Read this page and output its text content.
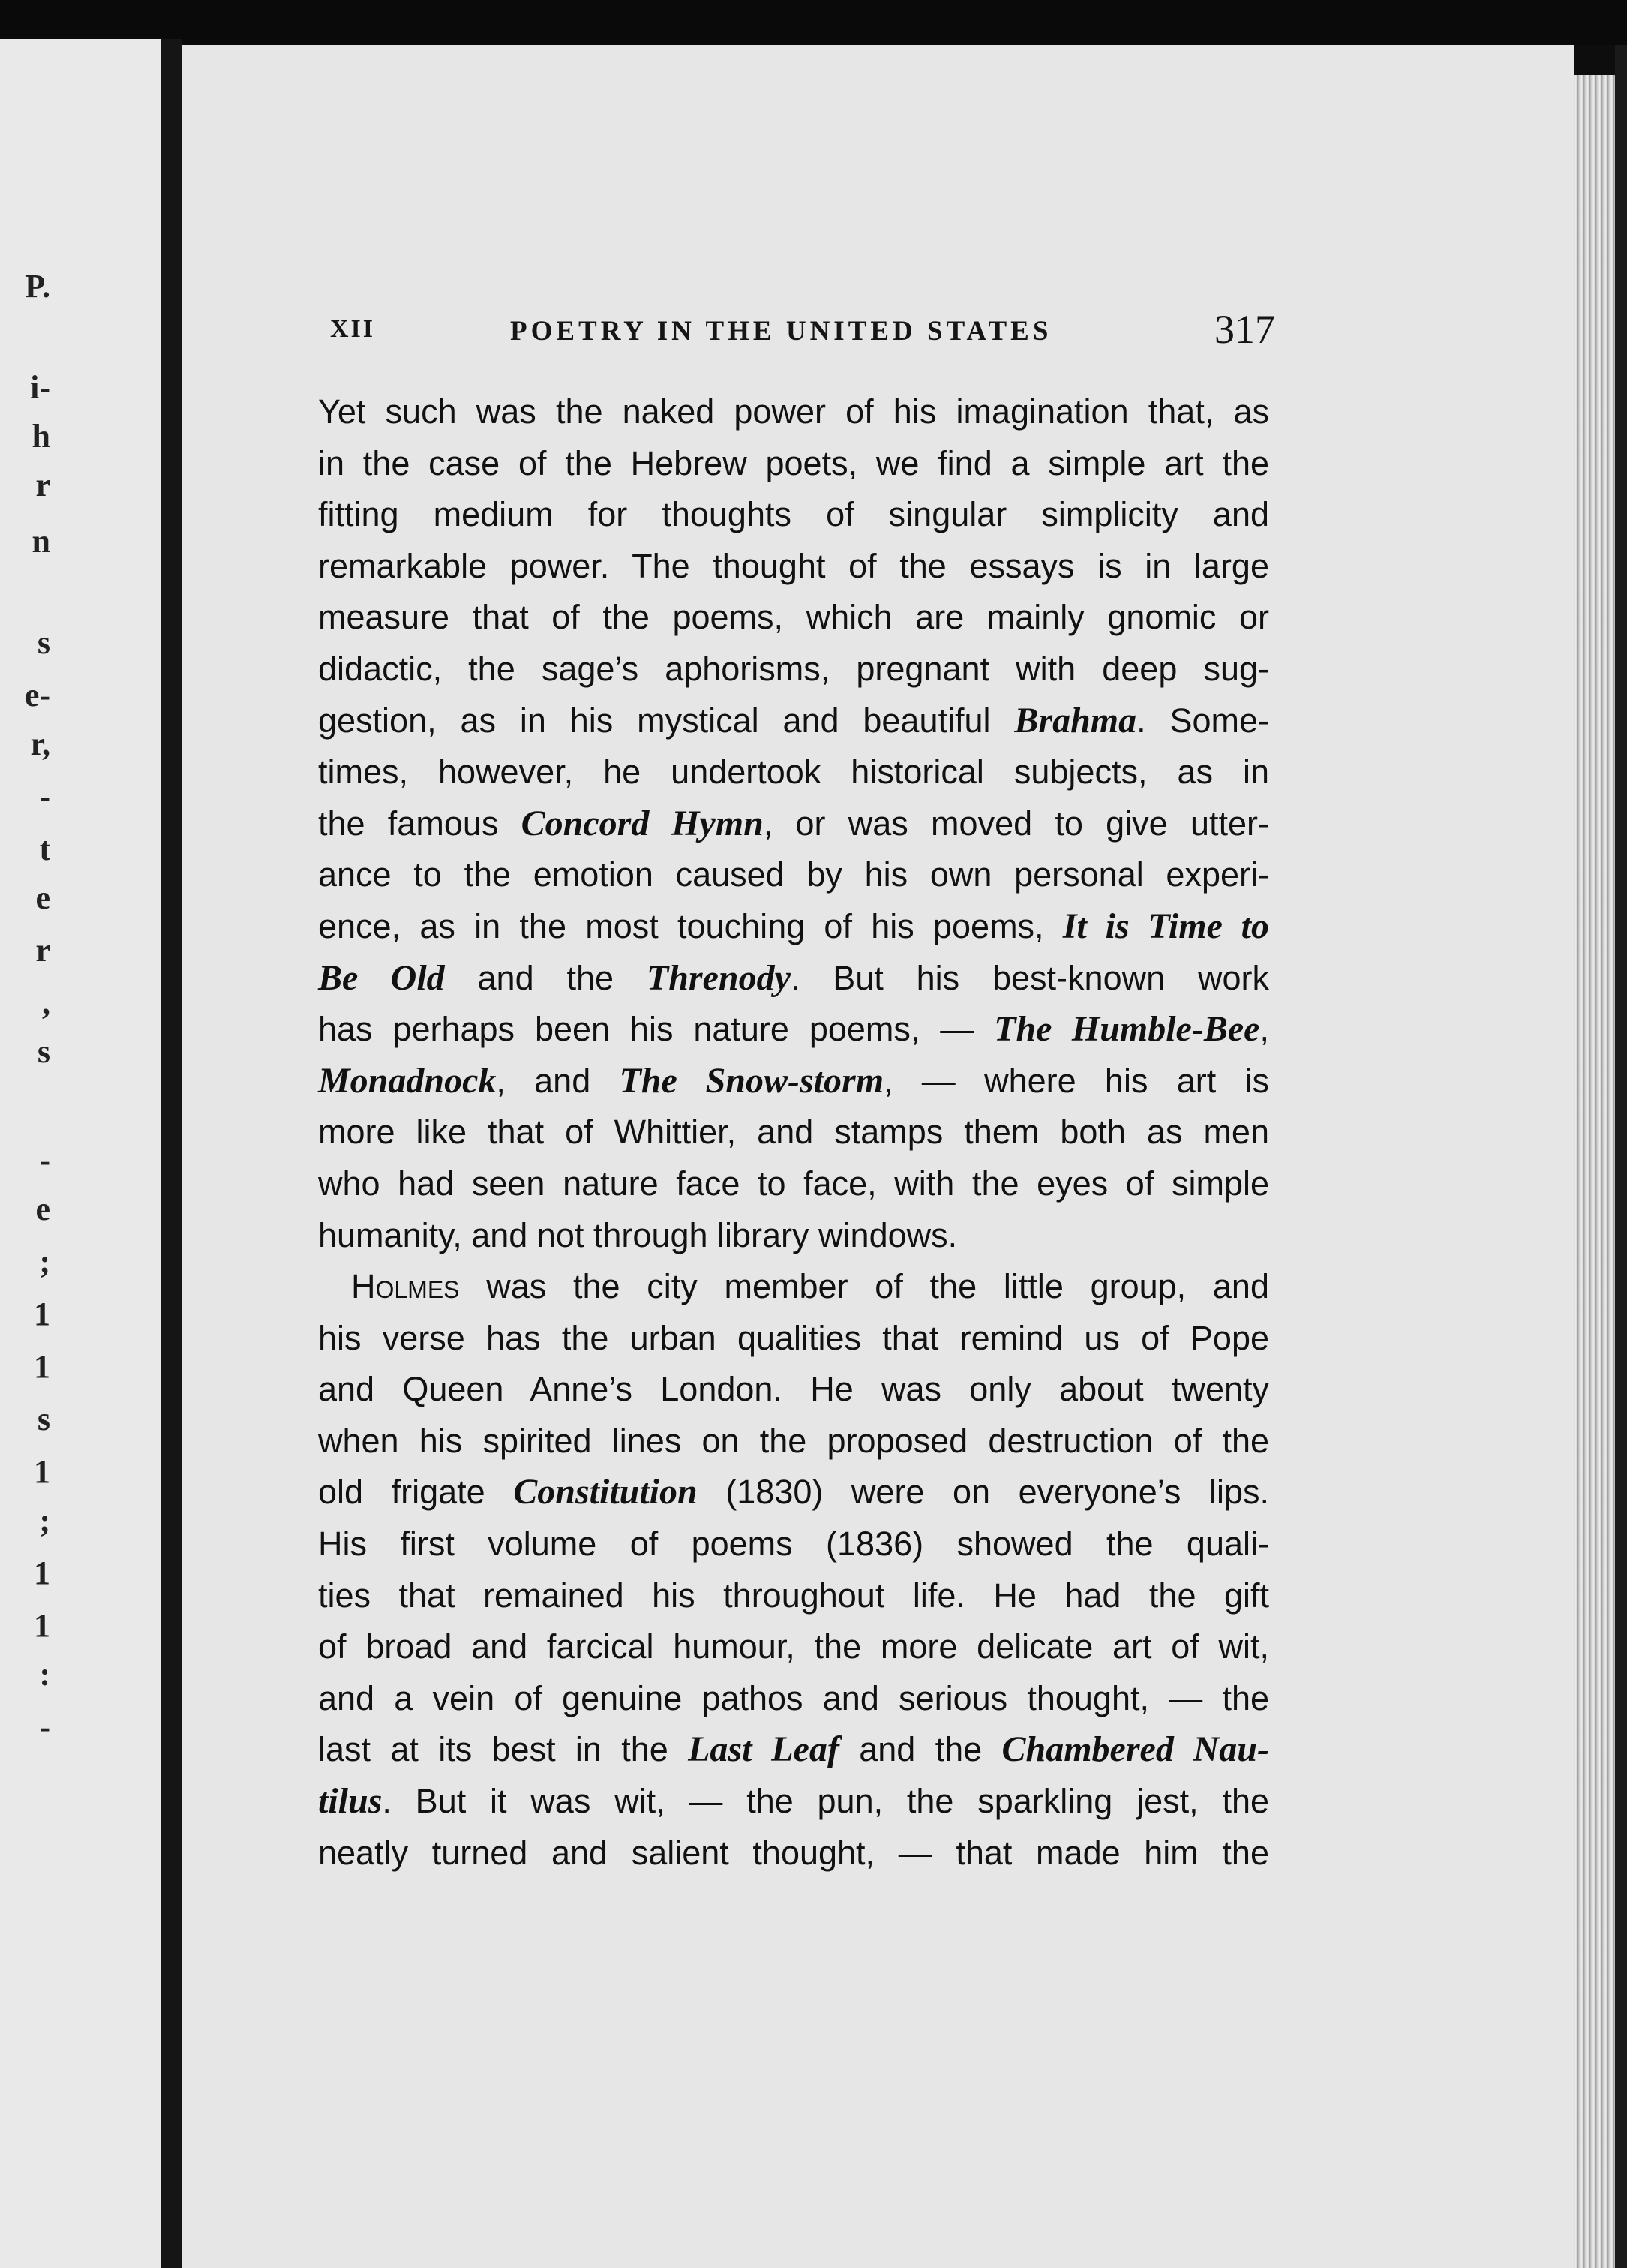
P.
i-
h
r
n
s
e-
r,
-
t
e
r
,
s
-
e
;
1
1
s
1
;
1
1
:
-
XII	POETRY IN THE UNITED STATES	317
Yet such was the naked power of his imagination that, as
in the case of the Hebrew poets, we find a simple art the
fitting medium for thoughts of singular simplicity and
remarkable power. The thought of the essays is in large
measure that of the poems, which are mainly gnomic or
didactic, the sage’s aphorisms, pregnant with deep sug-
gestion, as in his mystical and beautiful Brahma. Some-
times, however, he undertook historical subjects, as in
the famous Concord Hymn, or was moved to give utter-
ance to the emotion caused by his own personal experi-
ence, as in the most touching of his poems, It is Time to
Be Old and the Threnody. But his best-known work
has perhaps been his nature poems, — The Humble-Bee,
Monadnock, and The Snow-storm, — where his art is
more like that of Whittier, and stamps them both as men
who had seen nature face to face, with the eyes of simple
humanity, and not through library windows.
Holmes was the city member of the little group, and
his verse has the urban qualities that remind us of Pope
and Queen Anne’s London. He was only about twenty
when his spirited lines on the proposed destruction of the
old frigate Constitution (1830) were on everyone’s lips.
His first volume of poems (1836) showed the quali-
ties that remained his throughout life. He had the gift
of broad and farcical humour, the more delicate art of wit,
and a vein of genuine pathos and serious thought, — the
last at its best in the Last Leaf and the Chambered Nau-
tilus. But it was wit, — the pun, the sparkling jest, the
neatly turned and salient thought, — that made him the
